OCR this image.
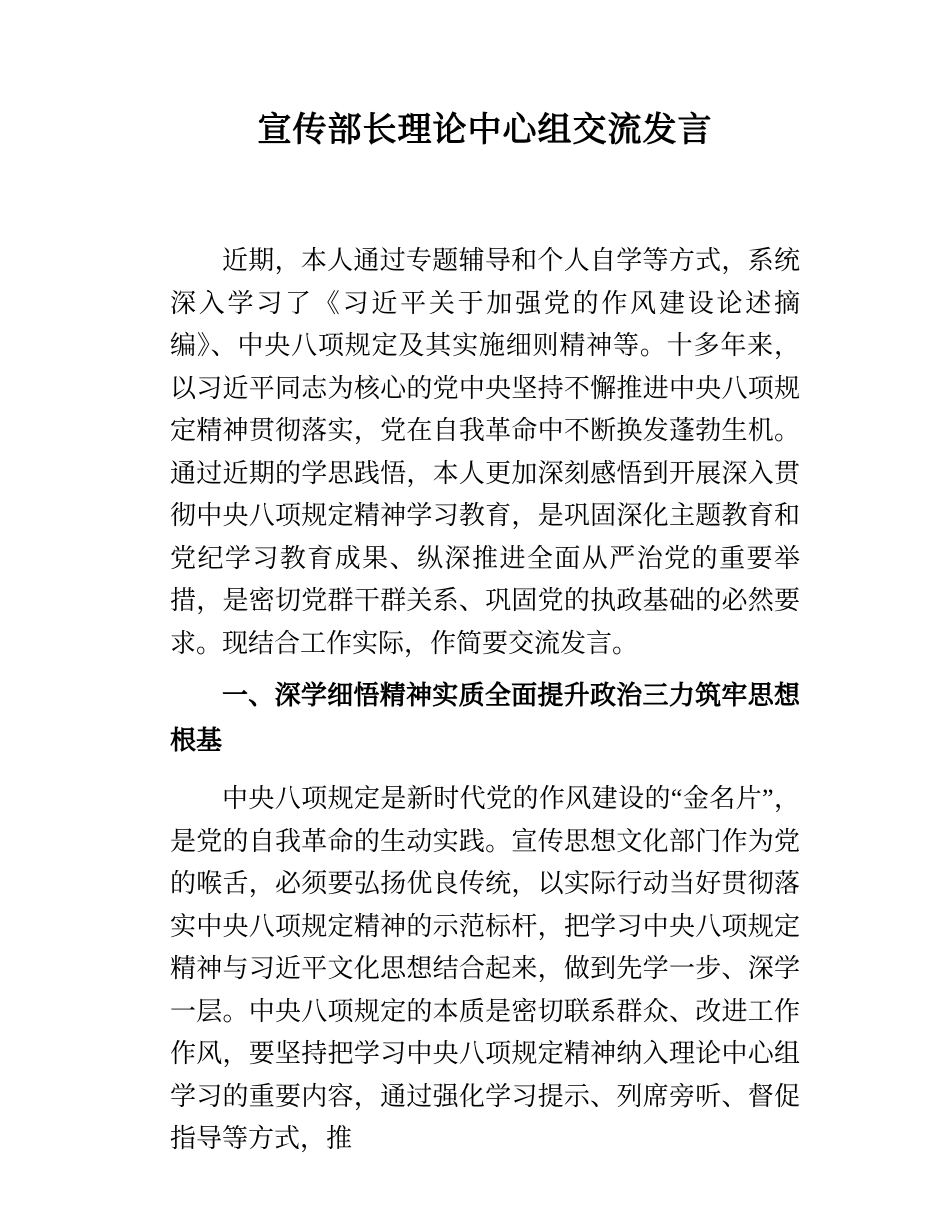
宣传部长理论中心组交流发言

近期，本人通过专题辅导和个人自学等方式，系统深入学习了《习近平关于加强党的作风建设论述摘编》、中央八项规定及其实施细则精神等。十多年来，以习近平同志为核心的党中央坚持不懈推进中央八项规定精神贯彻落实，党在自我革命中不断换发蓬勃生机。通过近期的学思践悟，本人更加深刻感悟到开展深入贯彻中央八项规定精神学习教育，是巩固深化主题教育和党纪学习教育成果、纵深推进全面从严治党的重要举措，是密切党群干群关系、巩固党的执政基础的必然要求。现结合工作实际，作简要交流发言。

一、深学细悟精神实质全面提升政治三力筑牢思想根基

中央八项规定是新时代党的作风建设的“金名片”，是党的自我革命的生动实践。宣传思想文化部门作为党的喉舌，必须要弘扬优良传统，以实际行动当好贯彻落实中央八项规定精神的示范标杆，把学习中央八项规定精神与习近平文化思想结合起来，做到先学一步、深学一层。中央八项规定的本质是密切联系群众、改进工作作风，要坚持把学习中央八项规定精神纳入理论中心组学习的重要内容，通过强化学习提示、列席旁听、督促指导等方式，推
